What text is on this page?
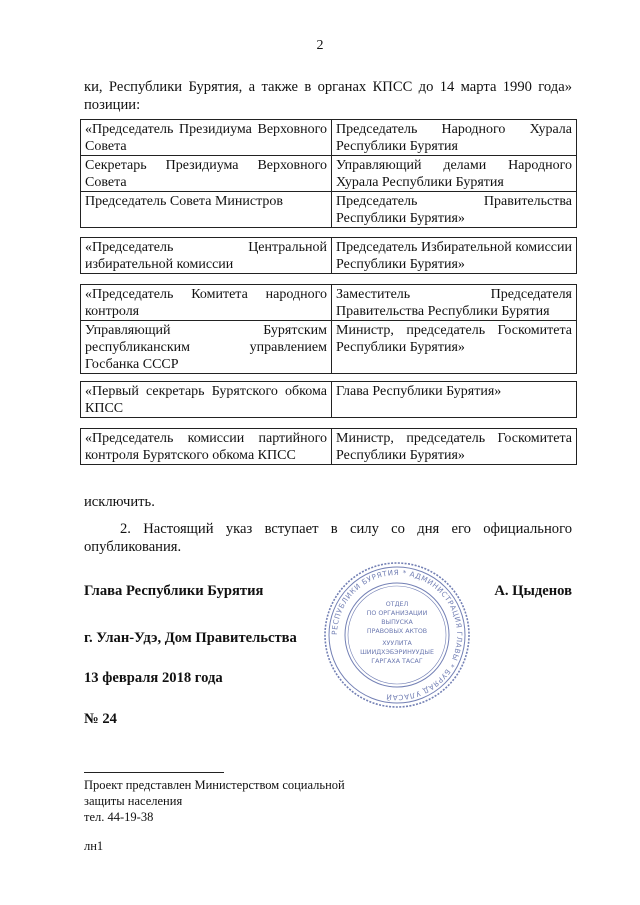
2
ки, Республики Бурятия, а также в органах КПСС до 14 марта 1990 года» позиции:
«Председатель Президиума Верховного Совета	Председатель Народного Хурала Республики Бурятия
Секретарь Президиума Верховного Совета	Управляющий делами Народного Хурала Республики Бурятия
Председатель Совета Министров	Председатель Правительства Республики Бурятия»
«Председатель Центральной избирательной комиссии	Председатель Избирательной комиссии Республики Бурятия»
«Председатель Комитета народного контроля	Заместитель Председателя Правительства Республики Бурятия
Управляющий Бурятским республиканским управлением Госбанка СССР	Министр, председатель Госкомитета Республики Бурятия»
«Первый секретарь Бурятского обкома КПСС	Глава Республики Бурятия»
«Председатель комиссии партийного контроля Бурятского обкома КПСС	Министр, председатель Госкомитета Республики Бурятия»
исключить.
2. Настоящий указ вступает в силу со дня его официального опубликования.
Глава Республики Бурятия	А. Цыденов
г. Улан-Удэ, Дом Правительства
13 февраля 2018 года
№ 24
РЕСПУБЛИКИ БУРЯТИЯ * АДМИНИСТРАЦИЯ ГЛАВЫ * БУРЯАД УЛАСАЙ
ОТДЕЛ
ПО ОРГАНИЗАЦИИ
ВЫПУСКА
ПРАВОВЫХ АКТОВ
ХУУЛИТА
ШИИДХЭБЭРИНУУДЫЕ
ГАРГАХА ТАСАГ
Проект представлен Министерством социальной
защиты населения
тел. 44-19-38
лн1
